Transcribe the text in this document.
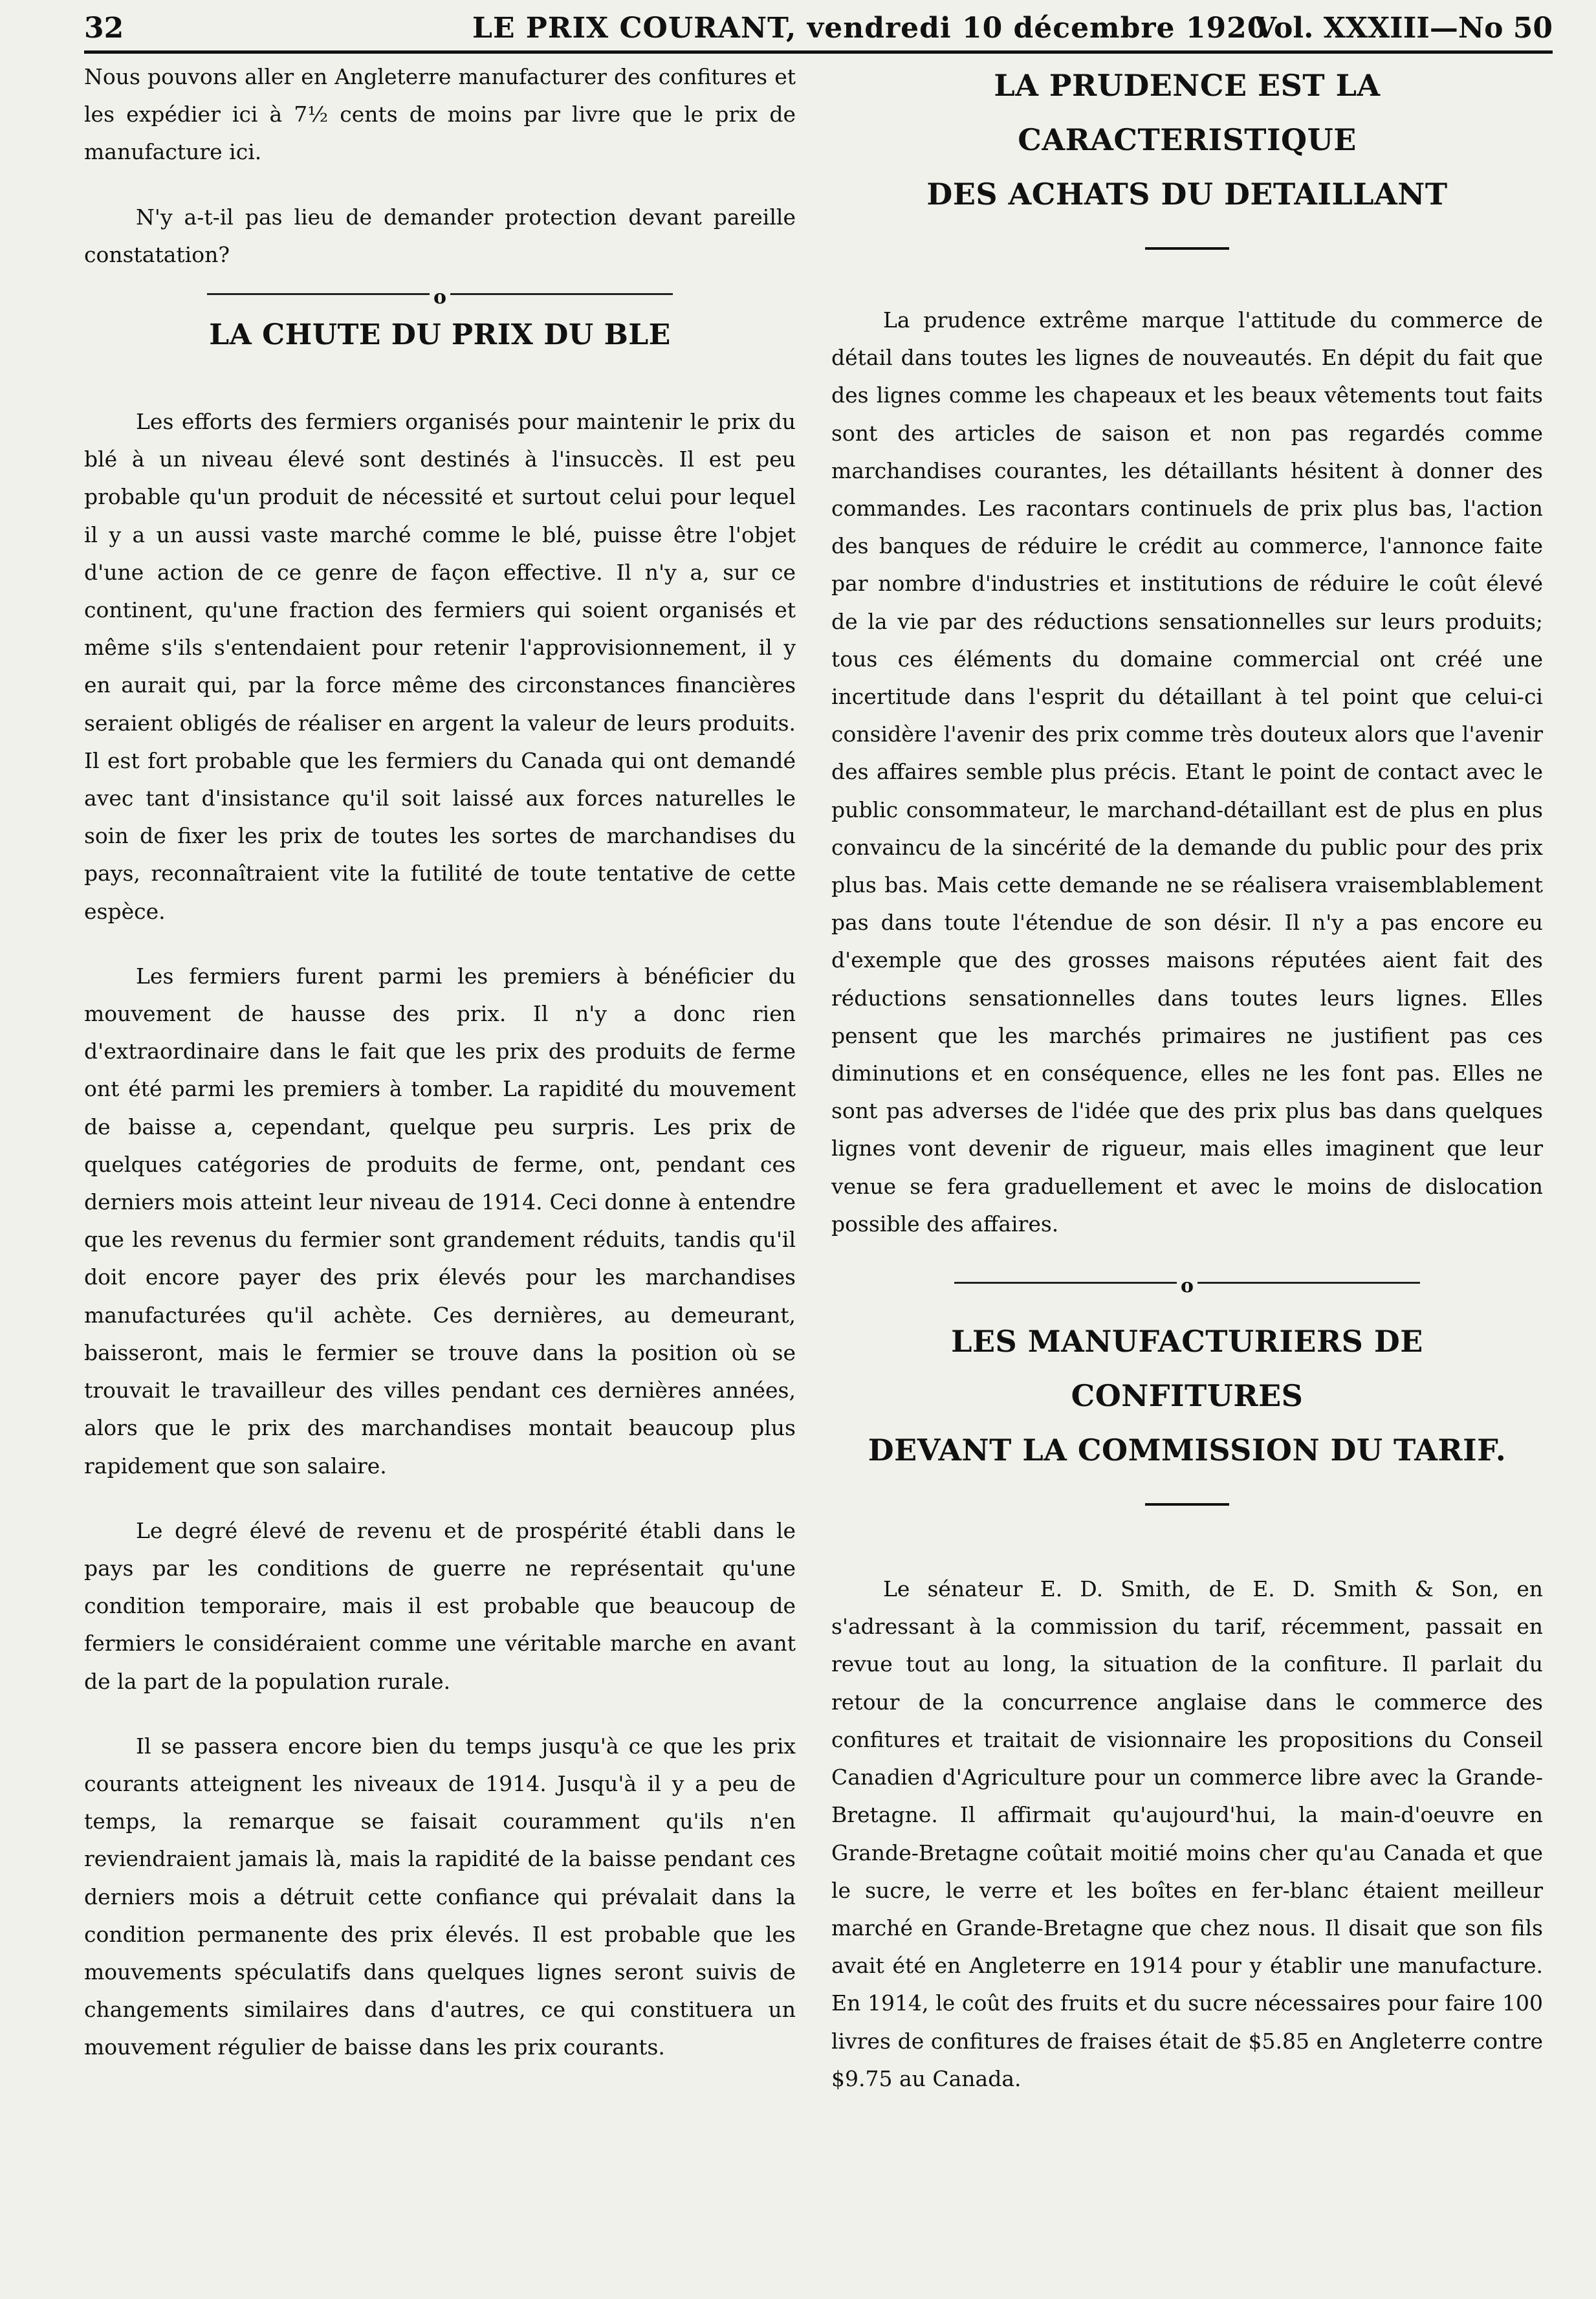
32	LE PRIX COURANT, vendredi 10 décembre 1920
Vol. XXXIII—No 50

Nous pouvons aller en Angleterre manufacturer des confitures et les expédier ici à 7½ cents de moins par livre que le prix de manufacture ici.

N'y a-t-il pas lieu de demander protection devant pareille constatation?

o
LA CHUTE DU PRIX DU BLE

Les efforts des fermiers organisés pour maintenir le prix du blé à un niveau élevé sont destinés à l'insuccès. Il est peu probable qu'un produit de nécessité et surtout celui pour lequel il y a un aussi vaste marché comme le blé, puisse être l'objet d'une action de ce genre de façon effective. Il n'y a, sur ce continent, qu'une fraction des fermiers qui soient organisés et même s'ils s'entendaient pour retenir l'approvisionnement, il y en aurait qui, par la force même des circonstances financières seraient obligés de réaliser en argent la valeur de leurs produits. Il est fort probable que les fermiers du Canada qui ont demandé avec tant d'insistance qu'il soit laissé aux forces naturelles le soin de fixer les prix de toutes les sortes de marchandises du pays, reconnaîtraient vite la futilité de toute tentative de cette espèce.

Les fermiers furent parmi les premiers à bénéficier du mouvement de hausse des prix. Il n'y a donc rien d'extraordinaire dans le fait que les prix des produits de ferme ont été parmi les premiers à tomber. La rapidité du mouvement de baisse a, cependant, quelque peu surpris. Les prix de quelques catégories de produits de ferme, ont, pendant ces derniers mois atteint leur niveau de 1914. Ceci donne à entendre que les revenus du fermier sont grandement réduits, tandis qu'il doit encore payer des prix élevés pour les marchandises manufacturées qu'il achète. Ces dernières, au demeurant, baisseront, mais le fermier se trouve dans la position où se trouvait le travailleur des villes pendant ces dernières années, alors que le prix des marchandises montait beaucoup plus rapidement que son salaire.

Le degré élevé de revenu et de prospérité établi dans le pays par les conditions de guerre ne représentait qu'une condition temporaire, mais il est probable que beaucoup de fermiers le considéraient comme une véritable marche en avant de la part de la population rurale.

Il se passera encore bien du temps jusqu'à ce que les prix courants atteignent les niveaux de 1914. Jusqu'à il y a peu de temps, la remarque se faisait couramment qu'ils n'en reviendraient jamais là, mais la rapidité de la baisse pendant ces derniers mois a détruit cette confiance qui prévalait dans la condition permanente des prix élevés. Il est probable que les mouvements spéculatifs dans quelques lignes seront suivis de changements similaires dans d'autres, ce qui constituera un mouvement régulier de baisse dans les prix courants.

LA PRUDENCE EST LA CARACTERISTIQUE
DES ACHATS DU DETAILLANT

La prudence extrême marque l'attitude du commerce de détail dans toutes les lignes de nouveautés. En dépit du fait que des lignes comme les chapeaux et les beaux vêtements tout faits sont des articles de saison et non pas regardés comme marchandises courantes, les détaillants hésitent à donner des commandes. Les racontars continuels de prix plus bas, l'action des banques de réduire le crédit au commerce, l'annonce faite par nombre d'industries et institutions de réduire le coût élevé de la vie par des réductions sensationnelles sur leurs produits; tous ces éléments du domaine commercial ont créé une incertitude dans l'esprit du détaillant à tel point que celui-ci considère l'avenir des prix comme très douteux alors que l'avenir des affaires semble plus précis. Etant le point de contact avec le public consommateur, le marchand-détaillant est de plus en plus convaincu de la sincérité de la demande du public pour des prix plus bas. Mais cette demande ne se réalisera vraisemblablement pas dans toute l'étendue de son désir. Il n'y a pas encore eu d'exemple que des grosses maisons réputées aient fait des réductions sensationnelles dans toutes leurs lignes. Elles pensent que les marchés primaires ne justifient pas ces diminutions et en conséquence, elles ne les font pas. Elles ne sont pas adverses de l'idée que des prix plus bas dans quelques lignes vont devenir de rigueur, mais elles imaginent que leur venue se fera graduellement et avec le moins de dislocation possible des affaires.

o
LES MANUFACTURIERS DE CONFITURES
DEVANT LA COMMISSION DU TARIF.

Le sénateur E. D. Smith, de E. D. Smith & Son, en s'adressant à la commission du tarif, récemment, passait en revue tout au long, la situation de la confiture. Il parlait du retour de la concurrence anglaise dans le commerce des confitures et traitait de visionnaire les propositions du Conseil Canadien d'Agriculture pour un commerce libre avec la Grande-Bretagne. Il affirmait qu'aujourd'hui, la main-d'oeuvre en Grande-Bretagne coûtait moitié moins cher qu'au Canada et que le sucre, le verre et les boîtes en fer-blanc étaient meilleur marché en Grande-Bretagne que chez nous. Il disait que son fils avait été en Angleterre en 1914 pour y établir une manufacture. En 1914, le coût des fruits et du sucre nécessaires pour faire 100 livres de confitures de fraises était de $5.85 en Angleterre contre $9.75 au Canada.
